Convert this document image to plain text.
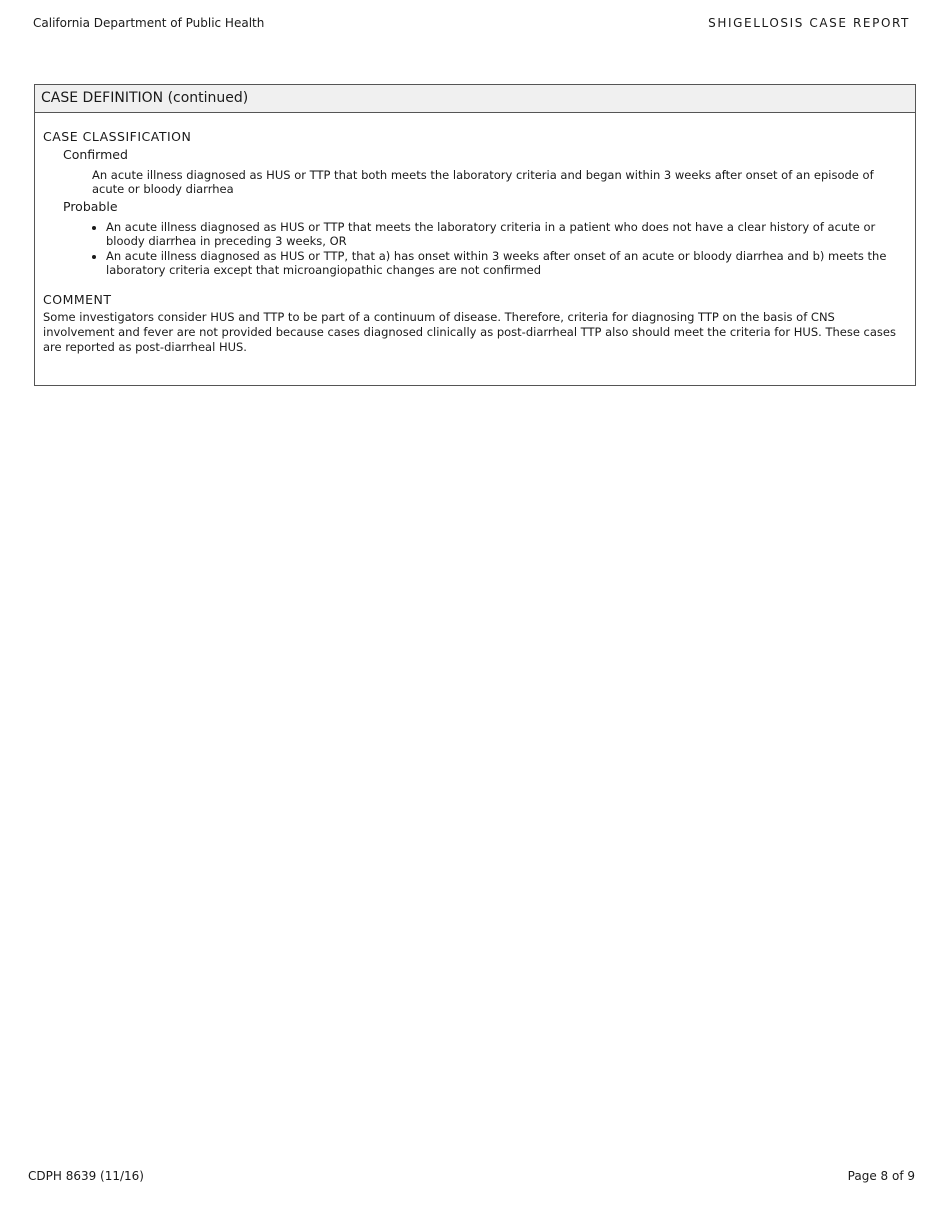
California Department of Public Health	SHIGELLOSIS CASE REPORT
CASE DEFINITION (continued)
CASE CLASSIFICATION
Confirmed
An acute illness diagnosed as HUS or TTP that both meets the laboratory criteria and began within 3 weeks after onset of an episode of acute or bloody diarrhea
Probable
• An acute illness diagnosed as HUS or TTP that meets the laboratory criteria in a patient who does not have a clear history of acute or bloody diarrhea in preceding 3 weeks, OR
• An acute illness diagnosed as HUS or TTP, that a) has onset within 3 weeks after onset of an acute or bloody diarrhea and b) meets the laboratory criteria except that microangiopathic changes are not confirmed
COMMENT
Some investigators consider HUS and TTP to be part of a continuum of disease. Therefore, criteria for diagnosing TTP on the basis of CNS involvement and fever are not provided because cases diagnosed clinically as post-diarrheal TTP also should meet the criteria for HUS. These cases are reported as post-diarrheal HUS.
CDPH 8639 (11/16)	Page 8 of 9
